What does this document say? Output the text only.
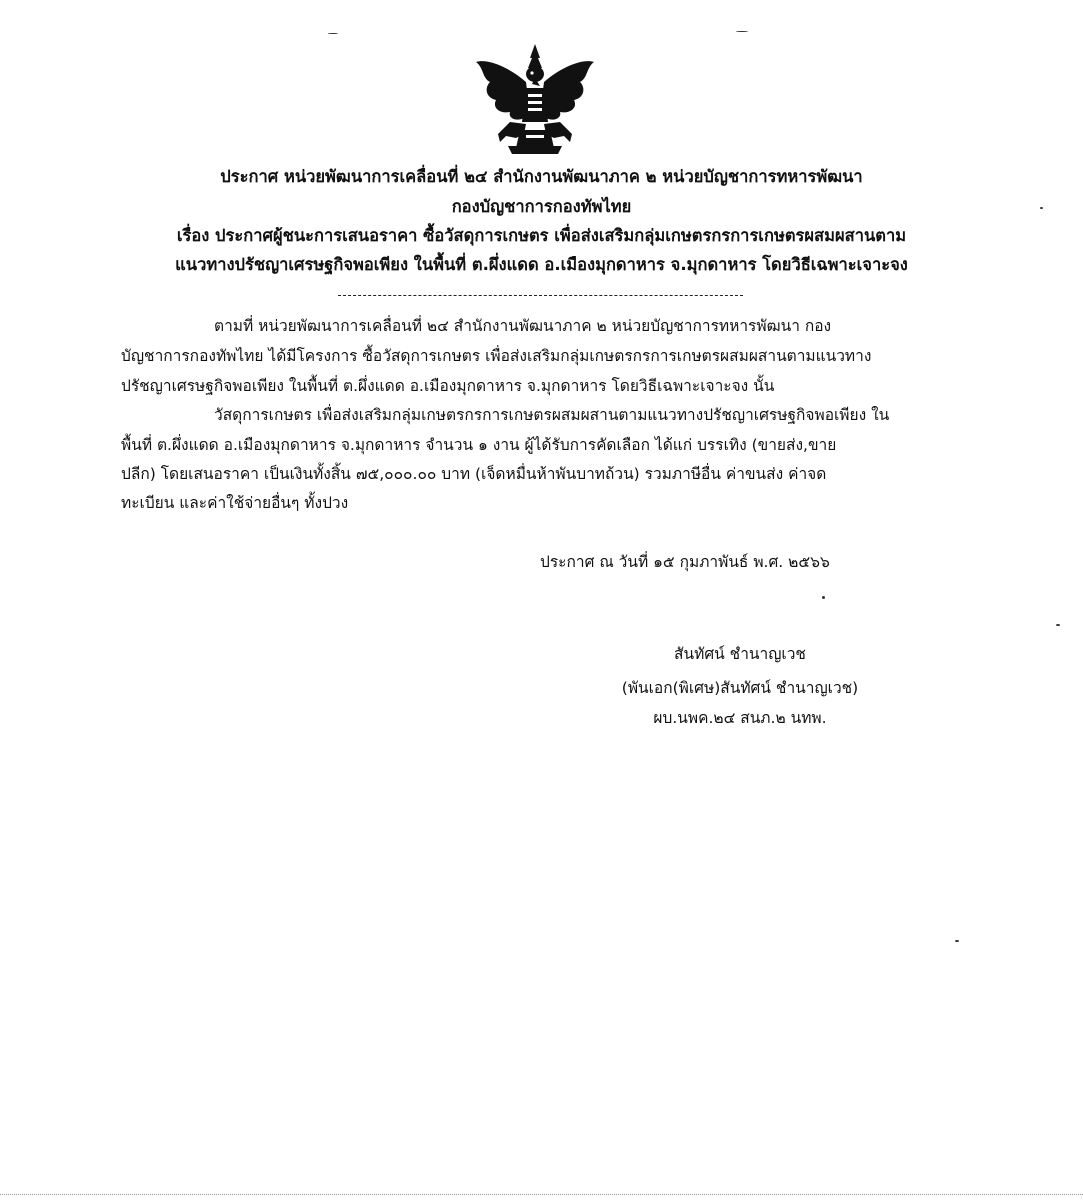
ประกาศ หน่วยพัฒนาการเคลื่อนที่ ๒๔ สำนักงานพัฒนาภาค ๒ หน่วยบัญชาการทหารพัฒนา
กองบัญชาการกองทัพไทย
เรื่อง ประกาศผู้ชนะการเสนอราคา ซื้อวัสดุการเกษตร เพื่อส่งเสริมกลุ่มเกษตรกรการเกษตรผสมผสานตาม
แนวทางปรัชญาเศรษฐกิจพอเพียง ในพื้นที่ ต.ผึ่งแดด อ.เมืองมุกดาหาร จ.มุกดาหาร โดยวิธีเฉพาะเจาะจง
ตามที่ หน่วยพัฒนาการเคลื่อนที่ ๒๔ สำนักงานพัฒนาภาค ๒ หน่วยบัญชาการทหารพัฒนา กอง
บัญชาการกองทัพไทย ได้มีโครงการ ซื้อวัสดุการเกษตร เพื่อส่งเสริมกลุ่มเกษตรกรการเกษตรผสมผสานตามแนวทาง
ปรัชญาเศรษฐกิจพอเพียง ในพื้นที่ ต.ผึ่งแดด อ.เมืองมุกดาหาร จ.มุกดาหาร โดยวิธีเฉพาะเจาะจง นั้น
วัสดุการเกษตร เพื่อส่งเสริมกลุ่มเกษตรกรการเกษตรผสมผสานตามแนวทางปรัชญาเศรษฐกิจพอเพียง ใน
พื้นที่ ต.ผึ่งแดด อ.เมืองมุกดาหาร จ.มุกดาหาร จำนวน ๑ งาน ผู้ได้รับการคัดเลือก ได้แก่ บรรเทิง (ขายส่ง,ขาย
ปลีก) โดยเสนอราคา เป็นเงินทั้งสิ้น ๗๕,๐๐๐.๐๐ บาท (เจ็ดหมื่นห้าพันบาทถ้วน) รวมภาษีอื่น ค่าขนส่ง ค่าจด
ทะเบียน และค่าใช้จ่ายอื่นๆ ทั้งปวง
ประกาศ ณ วันที่ ๑๕ กุมภาพันธ์ พ.ศ. ๒๕๖๖
สันทัศน์ ชำนาญเวช
(พันเอก(พิเศษ)สันทัศน์ ชำนาญเวช)
ผบ.นพค.๒๔ สนภ.๒ นทพ.
